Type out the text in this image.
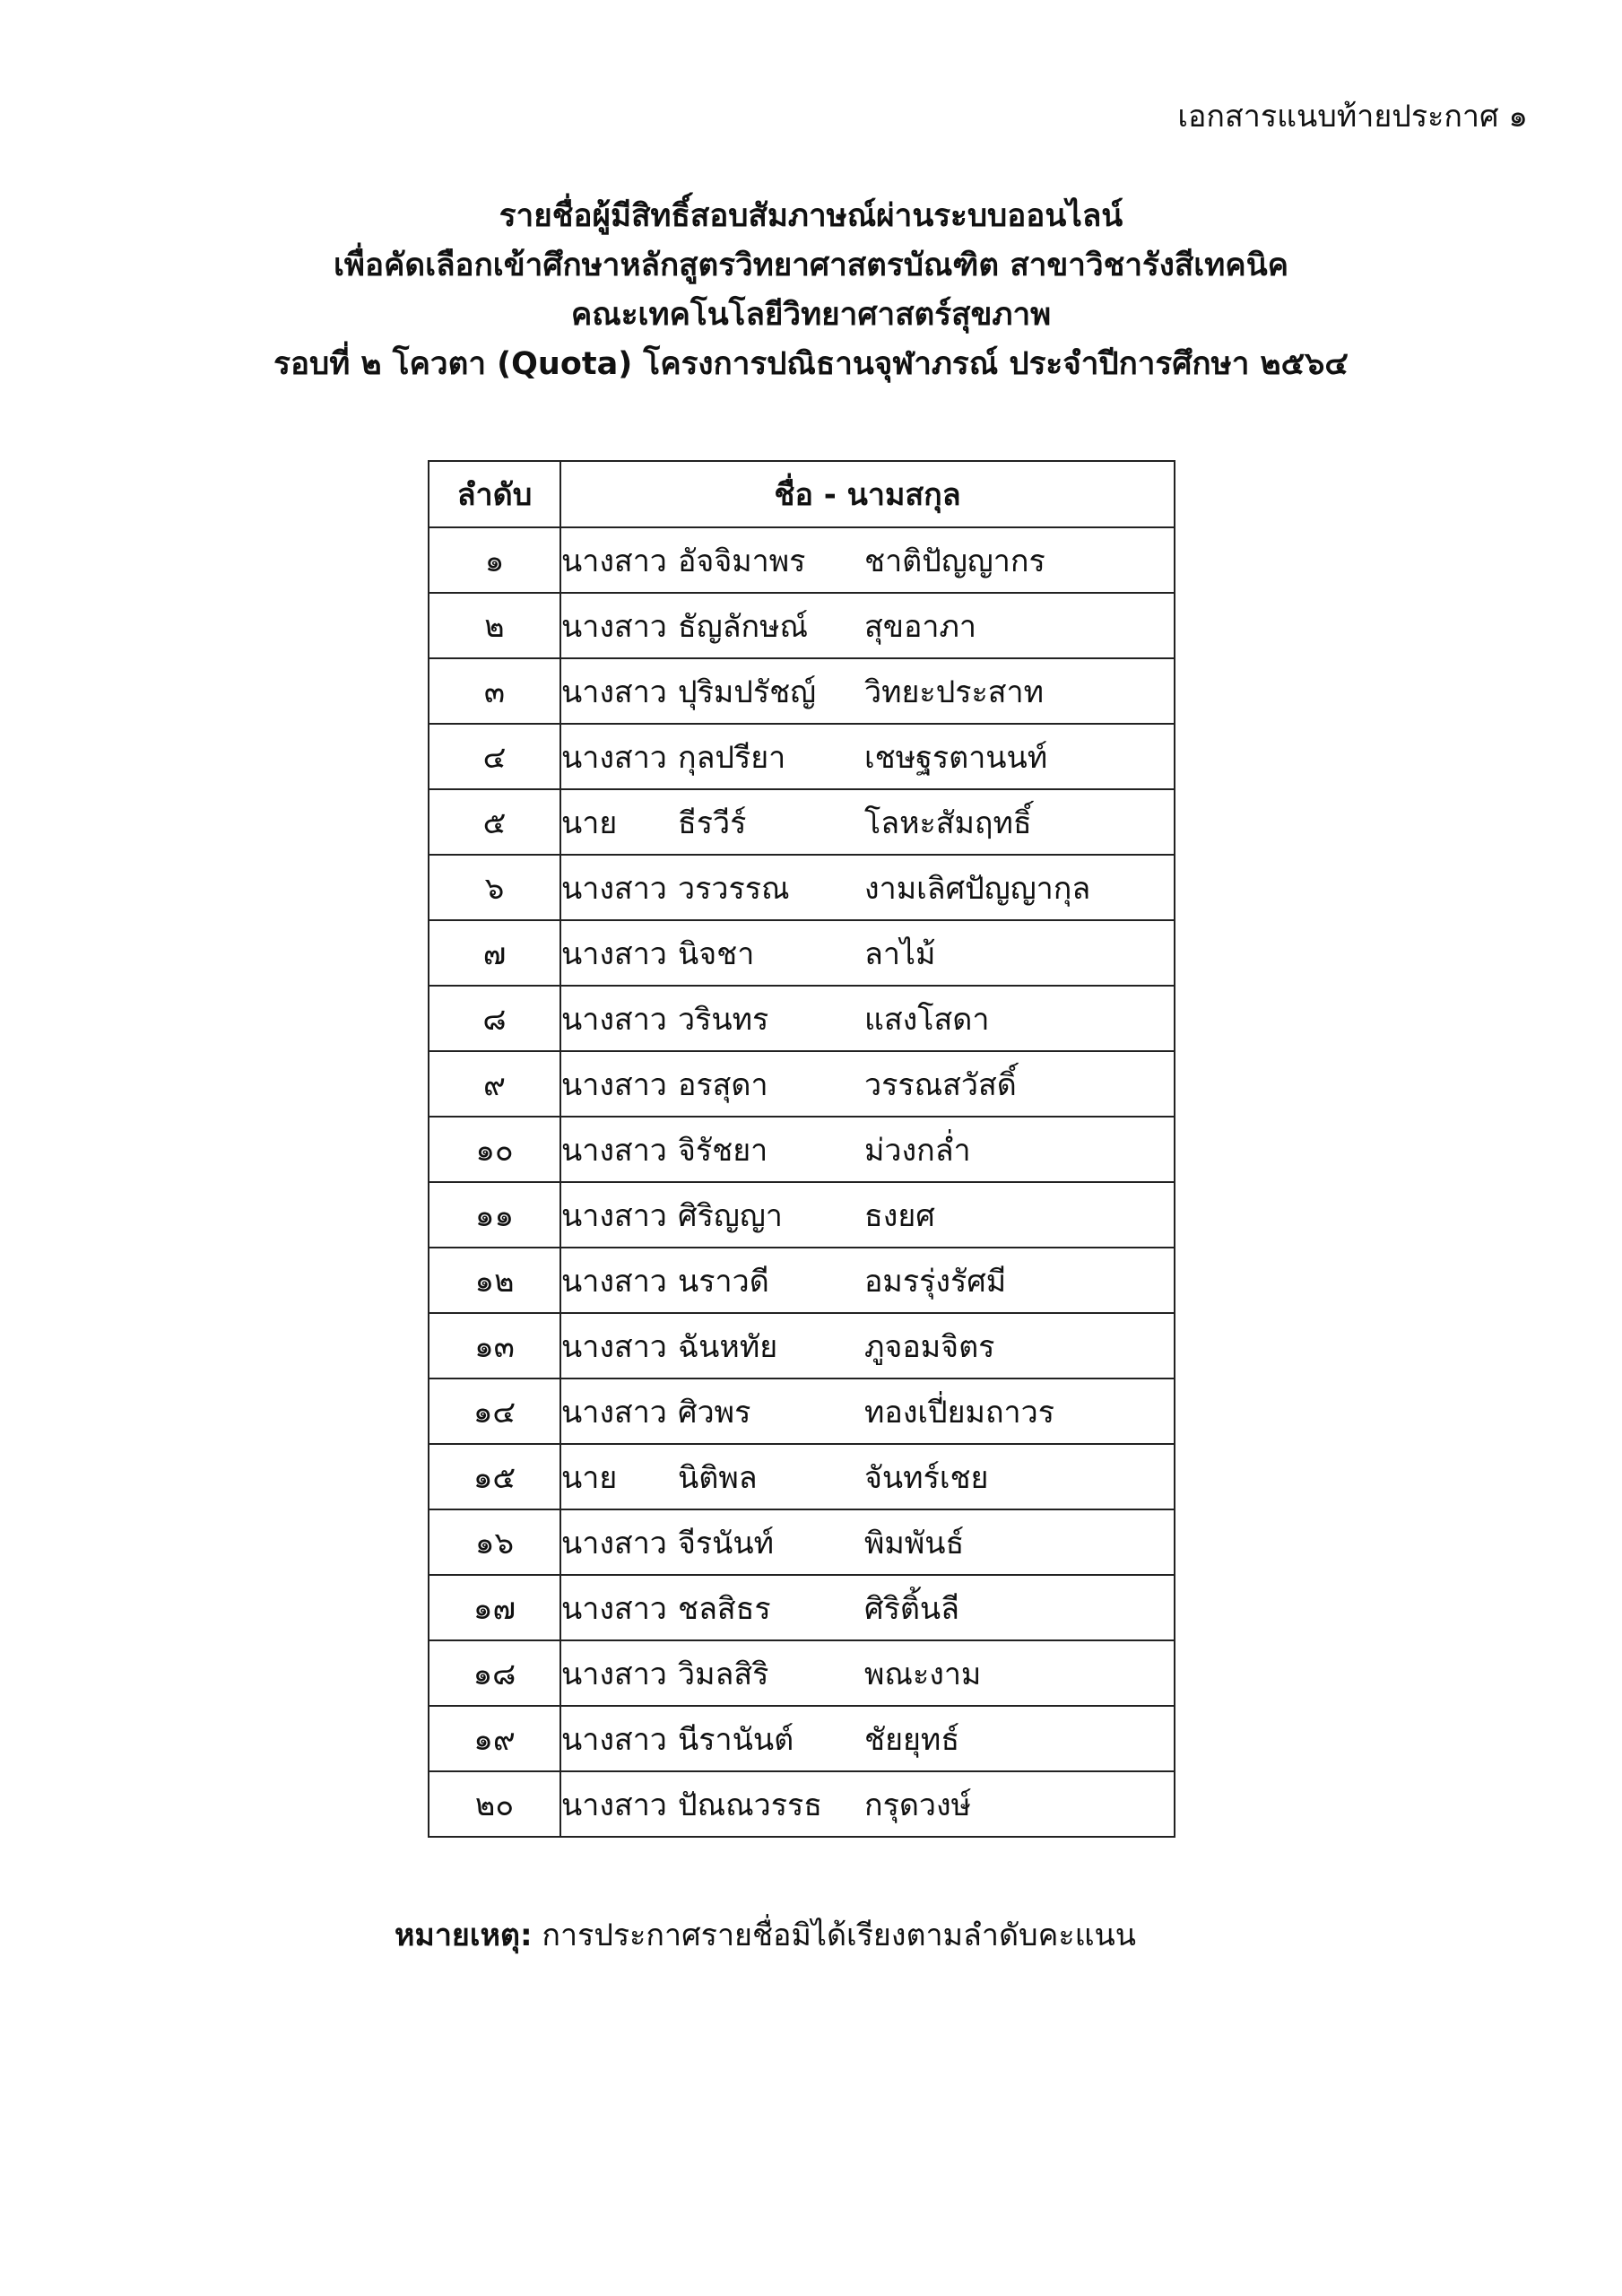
เอกสารแนบท้ายประกาศ ๑
รายชื่อผู้มีสิทธิ์สอบสัมภาษณ์ผ่านระบบออนไลน์
เพื่อคัดเลือกเข้าศึกษาหลักสูตรวิทยาศาสตรบัณฑิต สาขาวิชารังสีเทคนิค
คณะเทคโนโลยีวิทยาศาสตร์สุขภาพ
รอบที่ ๒ โควตา (Quota) โครงการปณิธานจุฬาภรณ์ ประจำปีการศึกษา ๒๕๖๔
ลำดับ	ชื่อ - นามสกุล
๑	นางสาว อัจจิมาพร ชาติปัญญากร
๒	นางสาว ธัญลักษณ์ สุขอาภา
๓	นางสาว ปุริมปรัชญ์ วิทยะประสาท
๔	นางสาว กุลปรียา เชษฐรตานนท์
๕	นาย ธีรวีร์ โลหะสัมฤทธิ์
๖	นางสาว วรวรรณ งามเลิศปัญญากุล
๗	นางสาว นิจชา ลาไม้
๘	นางสาว วรินทร แสงโสดา
๙	นางสาว อรสุดา วรรณสวัสดิ์
๑๐	นางสาว จิรัชยา ม่วงกล่ำ
๑๑	นางสาว ศิริญญา ธงยศ
๑๒	นางสาว นราวดี อมรรุ่งรัศมี
๑๓	นางสาว ฉันหทัย ภูจอมจิตร
๑๔	นางสาว ศิวพร ทองเปี่ยมถาวร
๑๕	นาย นิติพล จันทร์เชย
๑๖	นางสาว จีรนันท์ พิมพันธ์
๑๗	นางสาว ชลสิธร ศิริติ้นลี
๑๘	นางสาว วิมลสิริ พณะงาม
๑๙	นางสาว นีรานันต์ ชัยยุทธ์
๒๐	นางสาว ปัณณวรรธ กรุดวงษ์
หมายเหตุ: การประกาศรายชื่อมิได้เรียงตามลำดับคะแนน
